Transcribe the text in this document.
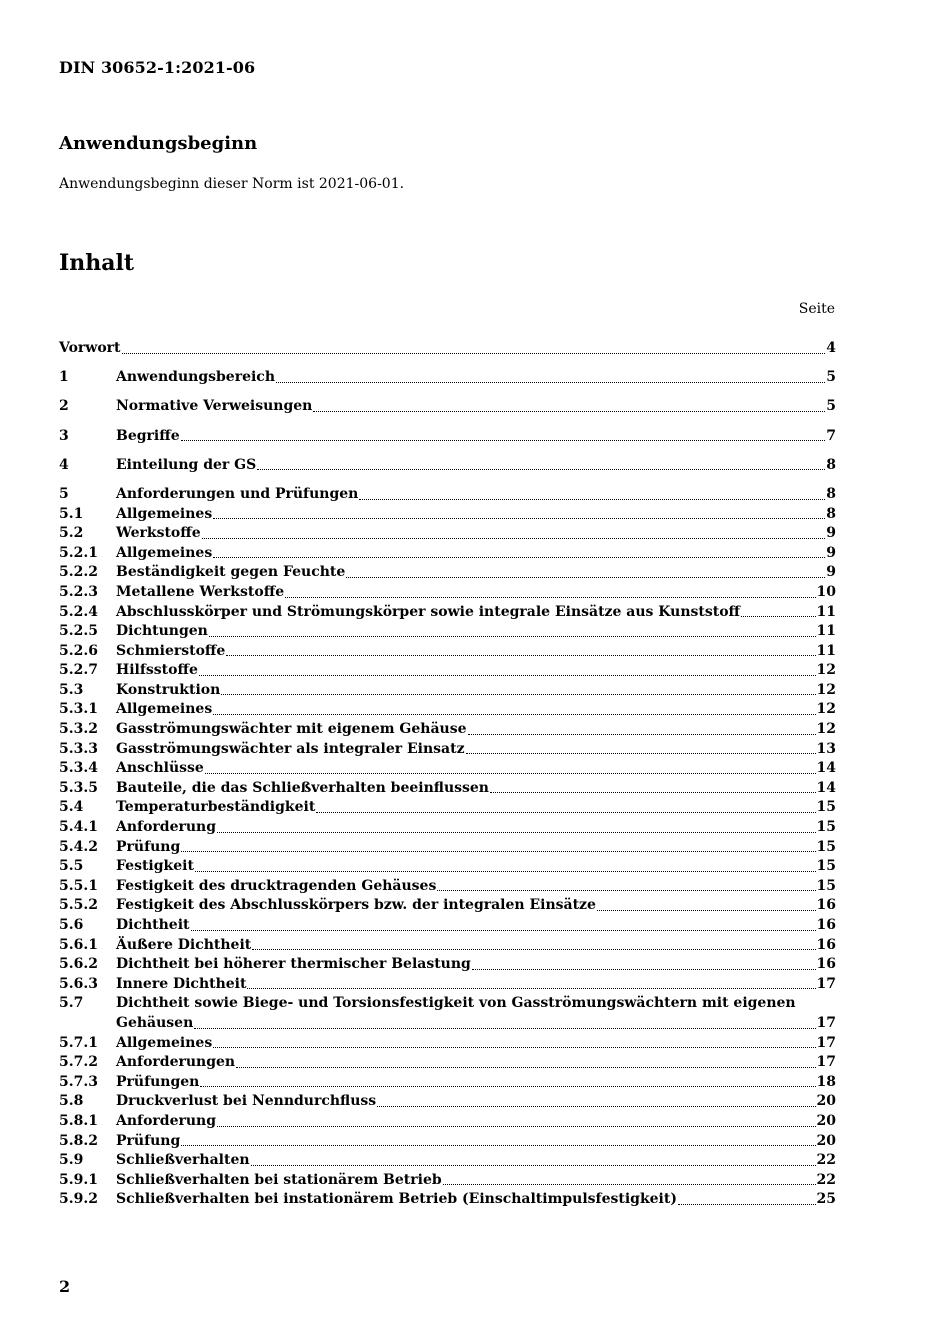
DIN 30652-1:2021-06
Anwendungsbeginn
Anwendungsbeginn dieser Norm ist 2021-06-01.
Inhalt
Seite
Vorwort	4
1	Anwendungsbereich	5
2	Normative Verweisungen	5
3	Begriffe	7
4	Einteilung der GS	8
5	Anforderungen und Prüfungen	8
5.1	Allgemeines	8
5.2	Werkstoffe	9
5.2.1	Allgemeines	9
5.2.2	Beständigkeit gegen Feuchte	9
5.2.3	Metallene Werkstoffe	10
5.2.4	Abschlusskörper und Strömungskörper sowie integrale Einsätze aus Kunststoff	11
5.2.5	Dichtungen	11
5.2.6	Schmierstoffe	11
5.2.7	Hilfsstoffe	12
5.3	Konstruktion	12
5.3.1	Allgemeines	12
5.3.2	Gasströmungswächter mit eigenem Gehäuse	12
5.3.3	Gasströmungswächter als integraler Einsatz	13
5.3.4	Anschlüsse	14
5.3.5	Bauteile, die das Schließverhalten beeinflussen	14
5.4	Temperaturbeständigkeit	15
5.4.1	Anforderung	15
5.4.2	Prüfung	15
5.5	Festigkeit	15
5.5.1	Festigkeit des drucktragenden Gehäuses	15
5.5.2	Festigkeit des Abschlusskörpers bzw. der integralen Einsätze	16
5.6	Dichtheit	16
5.6.1	Äußere Dichtheit	16
5.6.2	Dichtheit bei höherer thermischer Belastung	16
5.6.3	Innere Dichtheit	17
5.7	Dichtheit sowie Biege- und Torsionsfestigkeit von Gasströmungswächtern mit eigenen
Gehäusen	17
5.7.1	Allgemeines	17
5.7.2	Anforderungen	17
5.7.3	Prüfungen	18
5.8	Druckverlust bei Nenndurchfluss	20
5.8.1	Anforderung	20
5.8.2	Prüfung	20
5.9	Schließverhalten	22
5.9.1	Schließverhalten bei stationärem Betrieb	22
5.9.2	Schließverhalten bei instationärem Betrieb (Einschaltimpulsfestigkeit)	25
2
